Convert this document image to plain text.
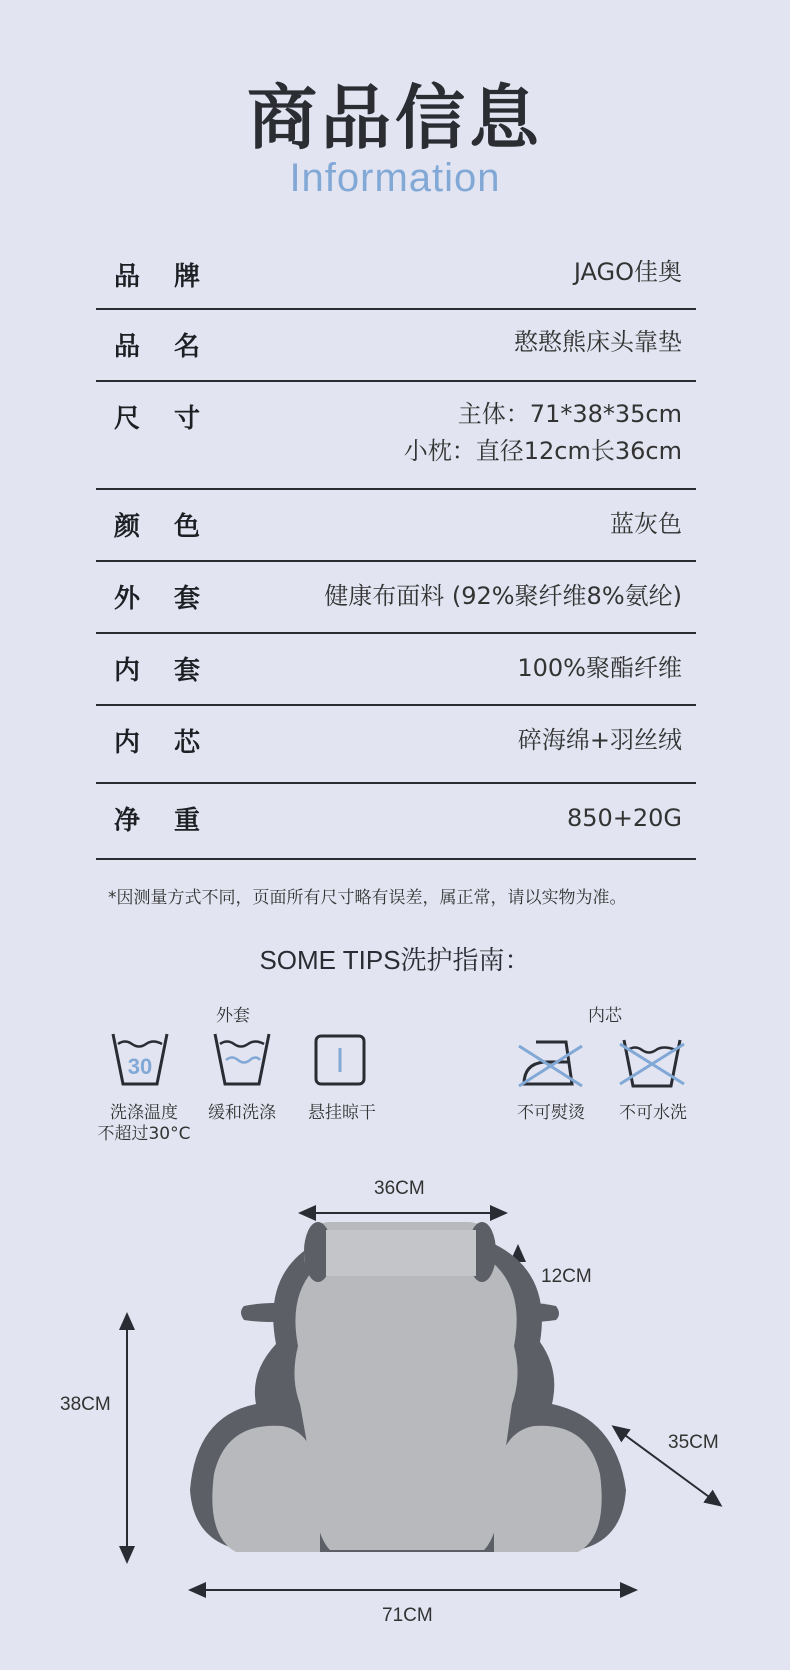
商品信息
Information
品牌	JAGO佳奥
品名	憨憨熊床头靠垫
尺寸	主体：71*38*35cm
小枕：直径12cm长36cm
颜色	蓝灰色
外套	健康布面料 (92%聚纤维8%氨纶)
内套	100%聚酯纤维
内芯	碎海绵+羽丝绒
净重	850+20G
*因测量方式不同，页面所有尺寸略有误差，属正常，请以实物为准。
SOME TIPS洗护指南：
外套	内芯
30
洗涤温度
不超过30°C
缓和洗涤	悬挂晾干	不可熨烫	不可水洗
36CM
12CM
38CM
35CM
71CM
